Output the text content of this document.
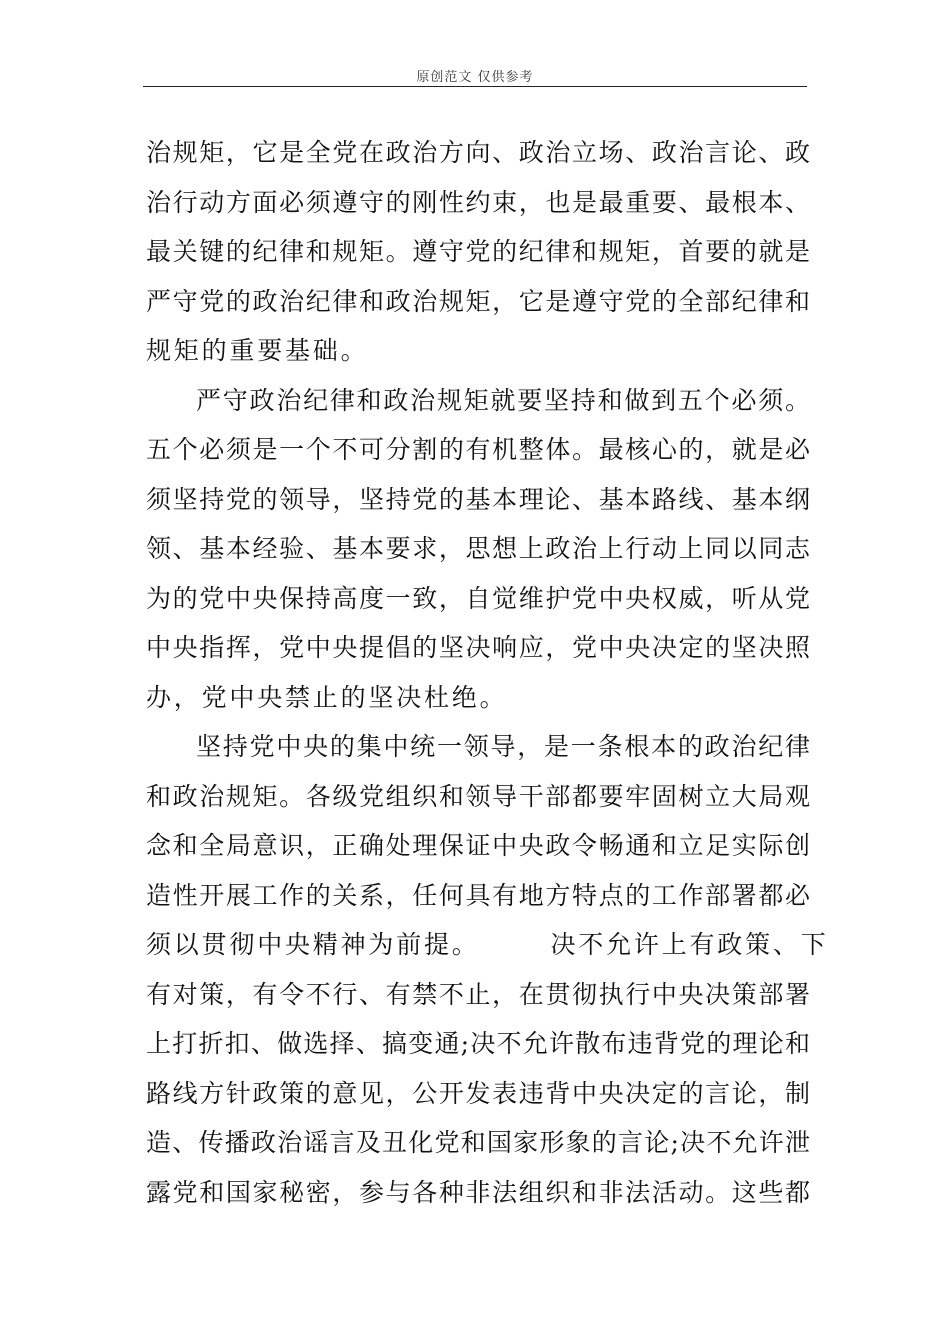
原创范文 仅供参考
治规矩，它是全党在政治方向、政治立场、政治言论、政
治行动方面必须遵守的刚性约束，也是最重要、最根本、
最关键的纪律和规矩。遵守党的纪律和规矩，首要的就是
严守党的政治纪律和政治规矩，它是遵守党的全部纪律和
规矩的重要基础。
严守政治纪律和政治规矩就要坚持和做到五个必须。
五个必须是一个不可分割的有机整体。最核心的，就是必
须坚持党的领导，坚持党的基本理论、基本路线、基本纲
领、基本经验、基本要求，思想上政治上行动上同以同志
为的党中央保持高度一致，自觉维护党中央权威，听从党
中央指挥，党中央提倡的坚决响应，党中央决定的坚决照
办，党中央禁止的坚决杜绝。
坚持党中央的集中统一领导，是一条根本的政治纪律
和政治规矩。各级党组织和领导干部都要牢固树立大局观
念和全局意识，正确处理保证中央政令畅通和立足实际创
造性开展工作的关系，任何具有地方特点的工作部署都必
须以贯彻中央精神为前提。　　　决不允许上有政策、下
有对策，有令不行、有禁不止，在贯彻执行中央决策部署
上打折扣、做选择、搞变通;决不允许散布违背党的理论和
路线方针政策的意见，公开发表违背中央决定的言论，制
造、传播政治谣言及丑化党和国家形象的言论;决不允许泄
露党和国家秘密，参与各种非法组织和非法活动。这些都
